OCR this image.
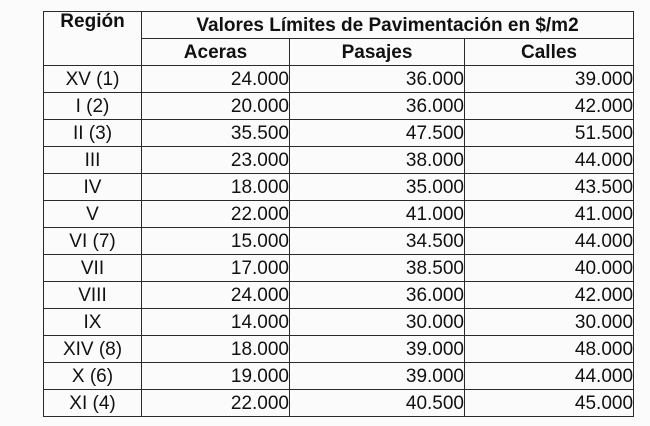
Región	Valores Límites de Pavimentación en $/m2		
	Aceras	Pasajes	Calles
XV (1)	24.000	36.000	39.000
I (2)	20.000	36.000	42.000
II (3)	35.500	47.500	51.500
III	23.000	38.000	44.000
IV	18.000	35.000	43.500
V	22.000	41.000	41.000
VI (7)	15.000	34.500	44.000
VII	17.000	38.500	40.000
VIII	24.000	36.000	42.000
IX	14.000	30.000	30.000
XIV (8)	18.000	39.000	48.000
X (6)	19.000	39.000	44.000
XI (4)	22.000	40.500	45.000
